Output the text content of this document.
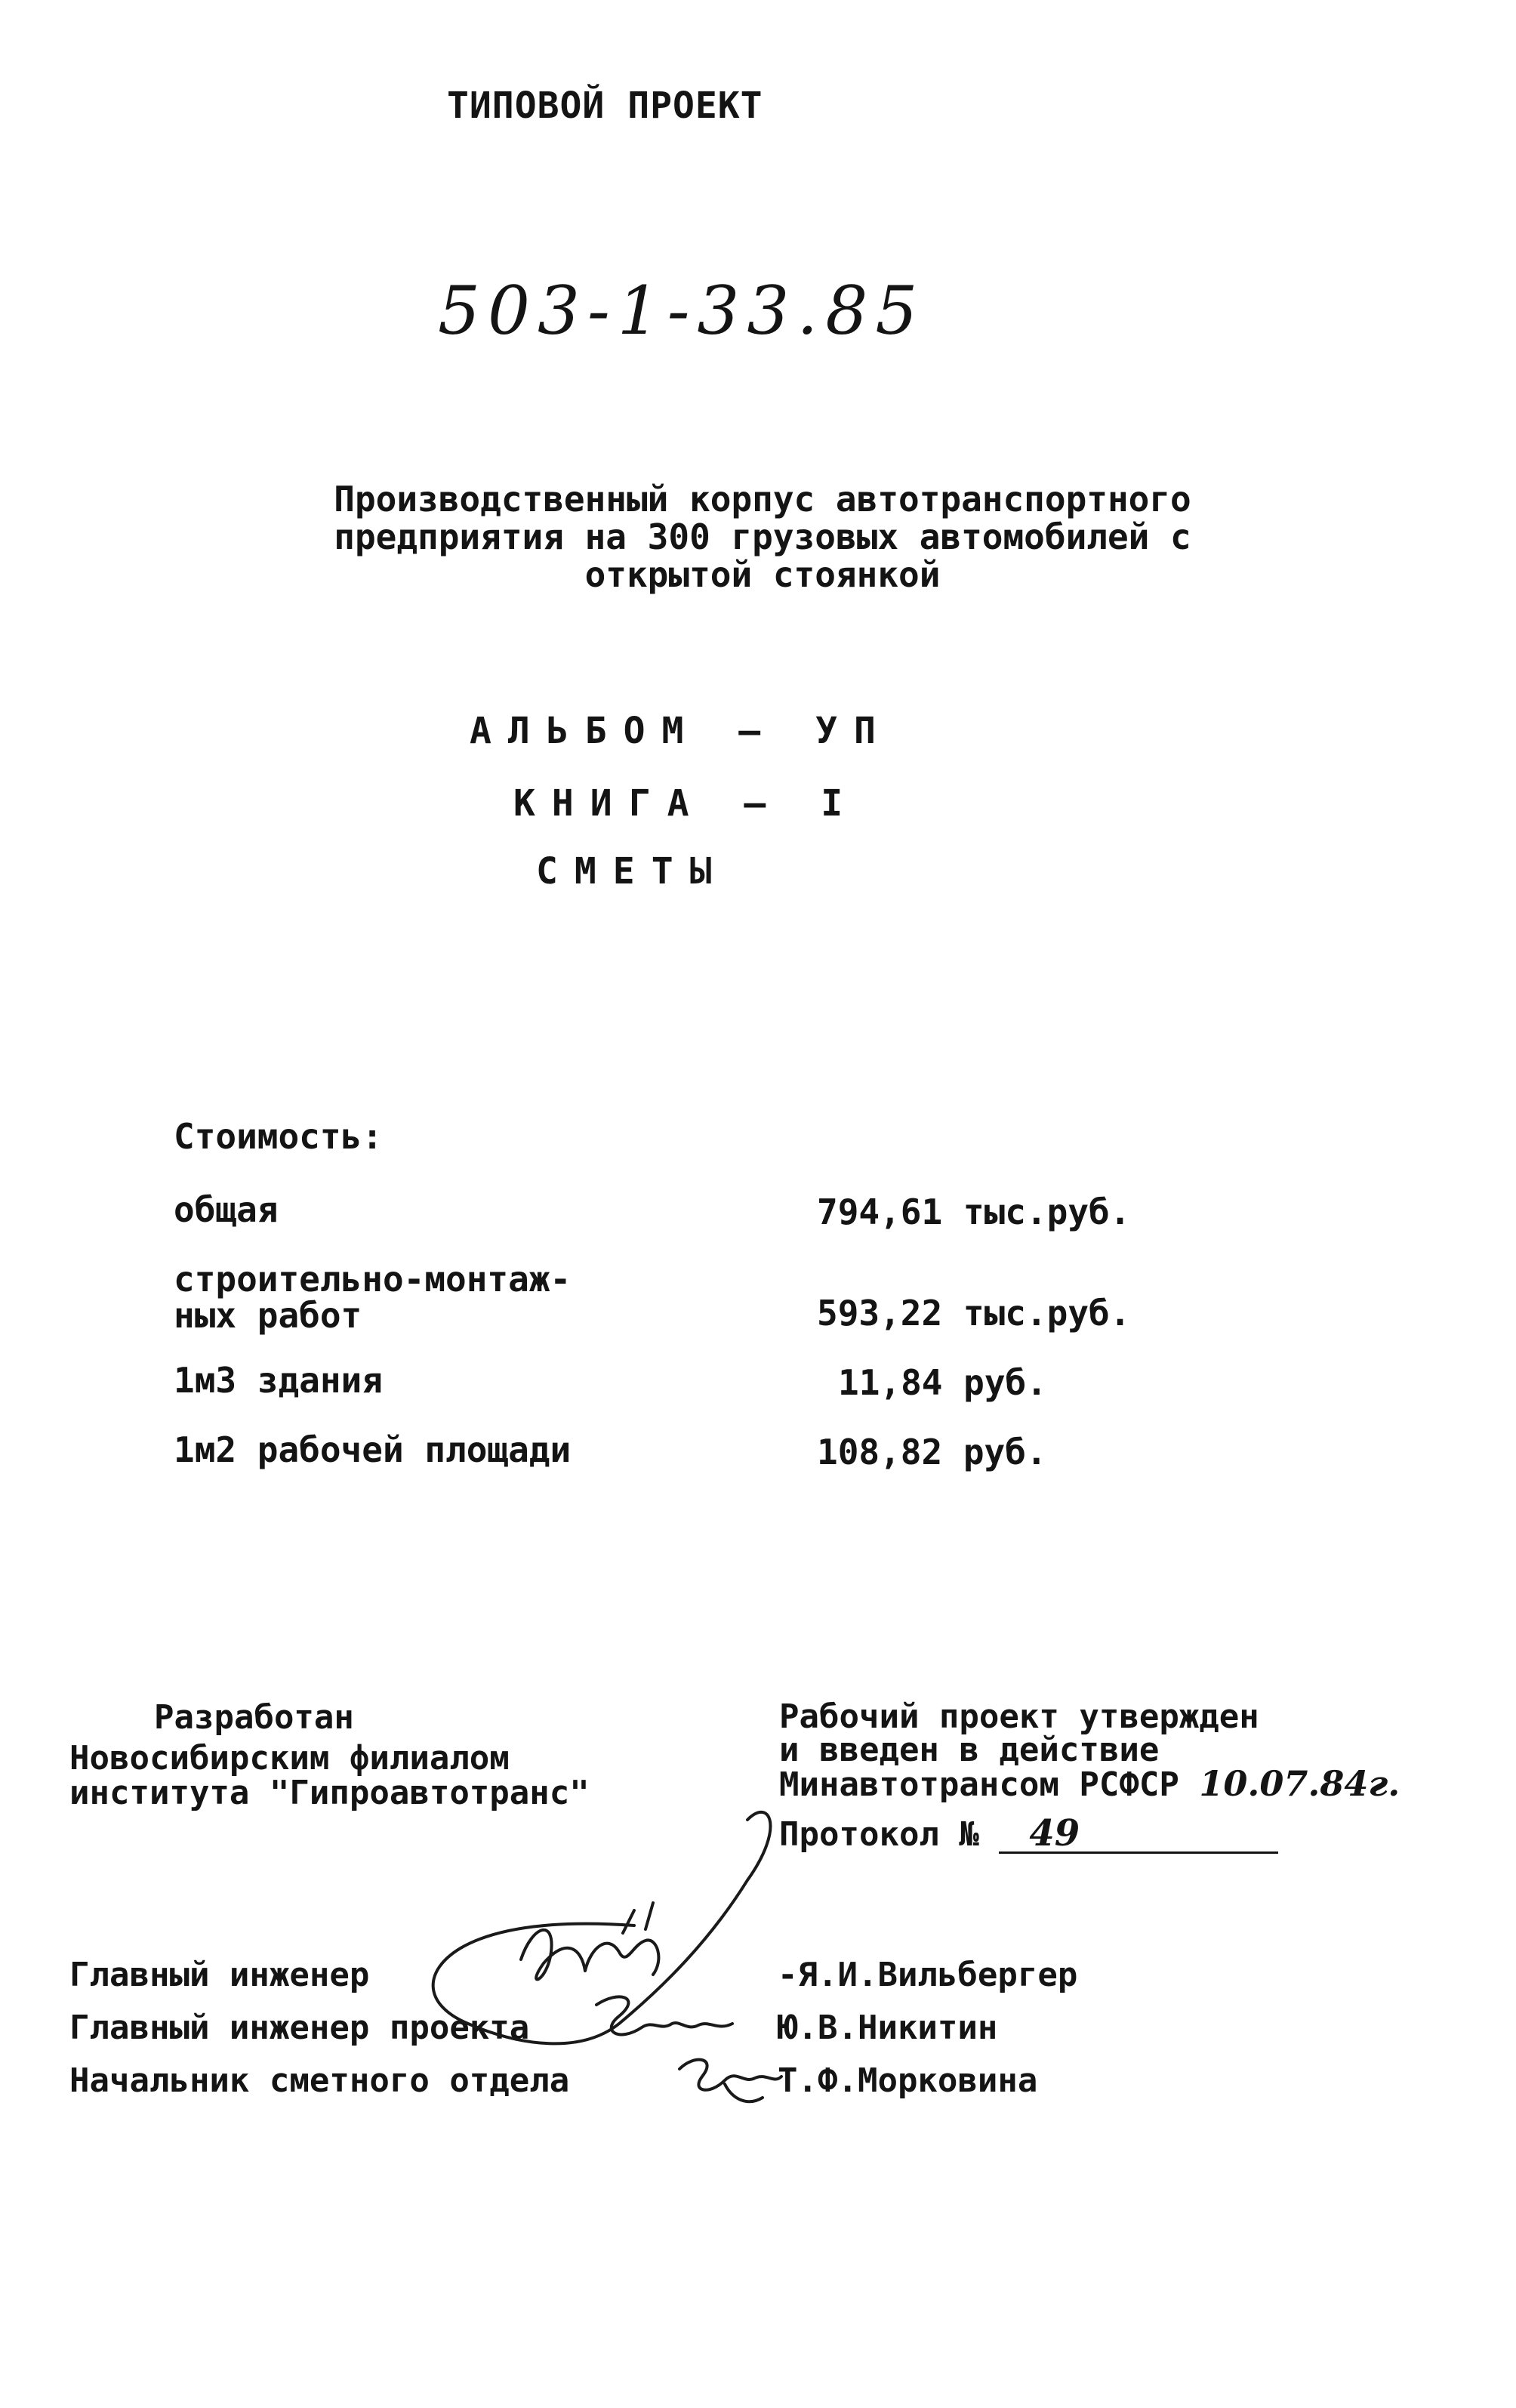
ТИПОВОЙ ПРОЕКТ
503-1-33.85
Производственный корпус автотранспортного
предприятия на 300 грузовых автомобилей с
открытой стоянкой
АЛЬБОМ – УП
КНИГА – I
СМЕТЫ
Стоимость:
общая	794,61 тыс.руб.
строительно-монтаж-
ных работ	593,22 тыс.руб.
1м3 здания	11,84 руб.
1м2 рабочей площади	108,82 руб.
Разработан
Новосибирским филиалом
института "Гипроавтотранс"
Рабочий проект утвержден
и введен в действие
Минавтотрансом РСФСР 10.07.84г.
Протокол № 49
Главный инженер	-Я.И.Вильбергер
Главный инженер проекта	Ю.В.Никитин
Начальник сметного отдела	Т.Ф.Морковина
